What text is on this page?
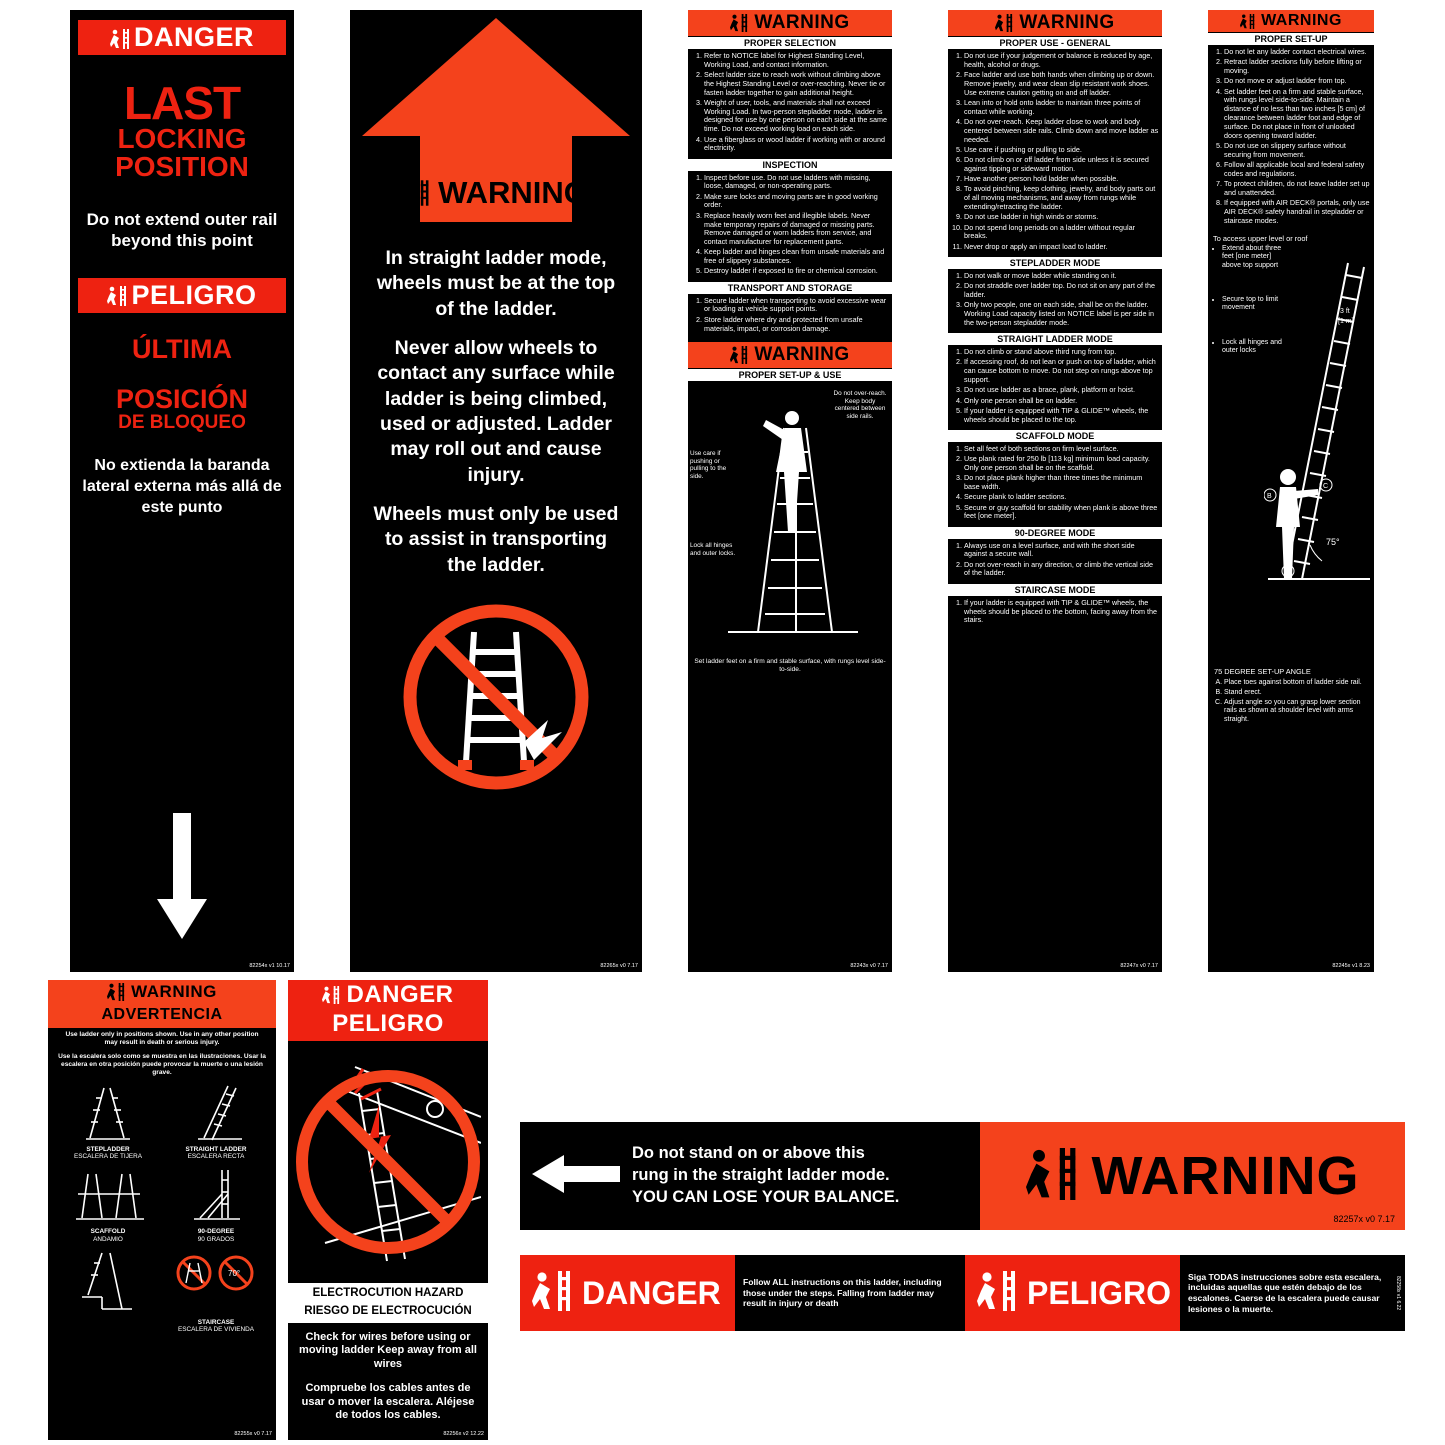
DANGER
LAST
LOCKING
POSITION
Do not extend outer rail beyond this point
PELIGRO
ÚLTIMA
POSICIÓN
DE BLOQUEO
No extienda la baranda lateral externa más allá de este punto
82254x v1 10.17
WARNING

In straight ladder mode, wheels must be at the top of the ladder.

Never allow wheels to contact any surface while ladder is being climbed, used or adjusted. Ladder may roll out and cause injury.

Wheels must only be used to assist in transporting the ladder.

82265x v0 7.17
WARNING
PROPER SELECTION
1. Refer to NOTICE label for Highest Standing Level, Working Load, and contact information.
2. Select ladder size to reach work without climbing above the Highest Standing Level or over-reaching. Never tie or fasten ladder together to gain additional height.
3. Weight of user, tools, and materials shall not exceed Working Load. In two-person stepladder mode, ladder is designed for use by one person on each side at the same time. Do not exceed working load on each side.
4. Use a fiberglass or wood ladder if working with or around electricity.
INSPECTION
1. Inspect before use. Do not use ladders with missing, loose, damaged, or non-operating parts.
2. Make sure locks and moving parts are in good working order.
3. Replace heavily worn feet and illegible labels. Never make temporary repairs of damaged or missing parts. Remove damaged or worn ladders from service, and contact manufacturer for replacement parts.
4. Keep ladder and hinges clean from unsafe materials and free of slippery substances.
5. Destroy ladder if exposed to fire or chemical corrosion.
TRANSPORT AND STORAGE
1. Secure ladder when transporting to avoid excessive wear or loading at vehicle support points.
2. Store ladder where dry and protected from unsafe materials, impact, or corrosion damage.
WARNING
PROPER SET-UP & USE
Do not over-reach. Keep body centered between side rails.
Use care if pushing or pulling to the side.
Lock all hinges and outer locks.
Set ladder feet on a firm and stable surface, with rungs level side-to-side.
82243x v0 7.17
WARNING
PROPER USE - GENERAL
1. Do not use if your judgement or balance is reduced by age, health, alcohol or drugs.
2. Face ladder and use both hands when climbing up or down. Remove jewelry, and wear clean slip resistant work shoes. Use extreme caution getting on and off ladder.
3. Lean into or hold onto ladder to maintain three points of contact while working.
4. Do not over-reach. Keep ladder close to work and body centered between side rails. Climb down and move ladder as needed.
5. Use care if pushing or pulling to side.
6. Do not climb on or off ladder from side unless it is secured against tipping or sideward motion.
7. Have another person hold ladder when possible.
8. To avoid pinching, keep clothing, jewelry, and body parts out of all moving mechanisms, and away from rungs while extending/retracting the ladder.
9. Do not use ladder in high winds or storms.
10. Do not spend long periods on a ladder without regular breaks.
11. Never drop or apply an impact load to ladder.
STEPLADDER MODE
1. Do not walk or move ladder while standing on it.
2. Do not straddle over ladder top. Do not sit on any part of the ladder.
3. Only two people, one on each side, shall be on the ladder. Working Load capacity listed on NOTICE label is per side in the two-person stepladder mode.
STRAIGHT LADDER MODE
1. Do not climb or stand above third rung from top.
2. If accessing roof, do not lean or push on top of ladder, which can cause bottom to move. Do not step on rungs above top support.
3. Do not use ladder as a brace, plank, platform or hoist.
4. Only one person shall be on ladder.
5. If your ladder is equipped with TIP & GLIDE™ wheels, the wheels should be placed to the top.
SCAFFOLD MODE
1. Set all feet of both sections on firm level surface.
2. Use plank rated for 250 lb [113 kg] minimum load capacity. Only one person shall be on the scaffold.
3. Do not place plank higher than three times the minimum base width.
4. Secure plank to ladder sections.
5. Secure or guy scaffold for stability when plank is above three feet [one meter].
90-DEGREE MODE
1. Always use on a level surface, and with the short side against a secure wall.
2. Do not over-reach in any direction, or climb the vertical side of the ladder.
STAIRCASE MODE
1. If your ladder is equipped with TIP & GLIDE™ wheels, the wheels should be placed to the bottom, facing away from the stairs.
82247x v0 7.17
WARNING
PROPER SET-UP
1. Do not let any ladder contact electrical wires.
2. Retract ladder sections fully before lifting or moving.
3. Do not move or adjust ladder from top.
4. Set ladder feet on a firm and stable surface, with rungs level side-to-side. Maintain a distance of no less than two inches [5 cm] of clearance between ladder foot and edge of surface. Do not place in front of unlocked doors opening toward ladder.
5. Do not use on slippery surface without securing from movement.
6. Follow all applicable local and federal safety codes and regulations.
7. To protect children, do not leave ladder set up and unattended.
8. If equipped with AIR DECK® portals, only use AIR DECK® safety handrail in stepladder or staircase modes.
To access upper level or roof
• Extend about three feet [one meter] above top support
• Secure top to limit movement
• Lock all hinges and outer locks
75°
A
B
C
3 ft
[1 m]
75 DEGREE SET-UP ANGLE
A. Place toes against bottom of ladder side rail.
B. Stand erect.
C. Adjust angle so you can grasp lower section rails as shown at shoulder level with arms straight.
82245x v1 8.23
WARNING
ADVERTENCIA
Use ladder only in positions shown. Use in any other position may result in death or serious injury.
Use la escalera solo como se muestra en las ilustraciones. Usar la escalera en otra posición puede provocar la muerte o una lesión grave.
STEPLADDER
ESCALERA DE TIJERA
STRAIGHT LADDER
ESCALERA RECTA
SCAFFOLD
ANDAMIO
90-DEGREE
90 GRADOS
70°
STAIRCASE
ESCALERA DE VIVIENDA
82255x v0 7.17
DANGER
PELIGRO
ELECTROCUTION HAZARD
RIESGO DE ELECTROCUCIÓN
Check for wires before using or moving ladder Keep away from all wires
Compruebe los cables antes de usar o mover la escalera. Aléjese de todos los cables.
82256x v2 12.22
Do not stand on or above this
rung in the straight ladder mode.
YOU CAN LOSE YOUR BALANCE.	WARNING
82257x v0 7.17
DANGER	Follow ALL instructions on this ladder, including those under the steps. Falling from ladder may result in injury or death	PELIGRO	Siga TODAS instrucciones sobre esta escalera, incluidas aquellas que estén debajo de los escalones. Caerse de la escalera puede causar lesiones o la muerte.	82258x v1 6.22
